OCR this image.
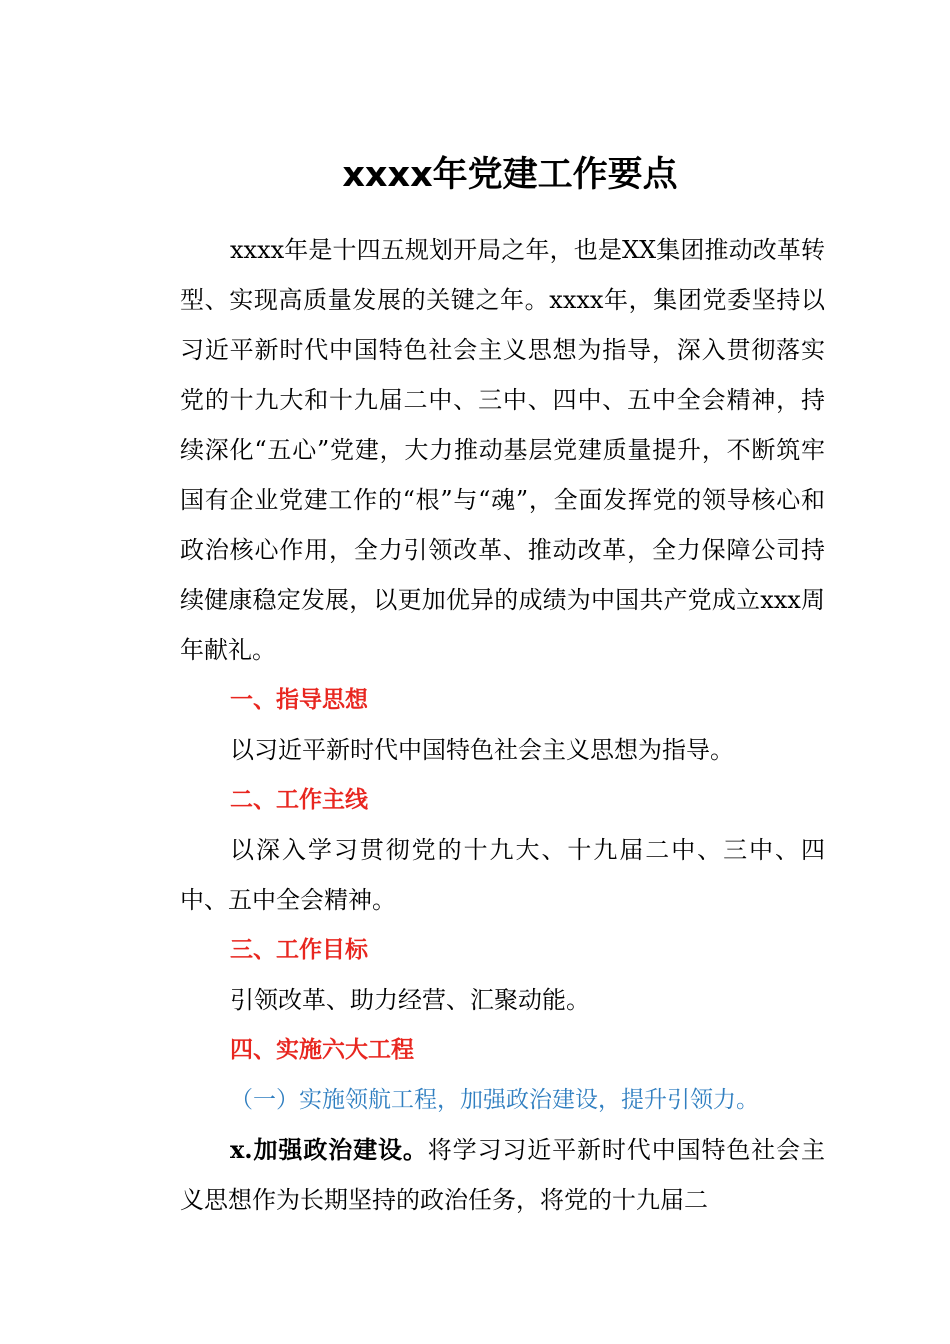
xxxx年党建工作要点

xxxx年是十四五规划开局之年，也是XX集团推动改革转型、实现高质量发展的关键之年。xxxx年，集团党委坚持以习近平新时代中国特色社会主义思想为指导，深入贯彻落实党的十九大和十九届二中、三中、四中、五中全会精神，持续深化“五心”党建，大力推动基层党建质量提升，不断筑牢国有企业党建工作的“根”与“魂”，全面发挥党的领导核心和政治核心作用，全力引领改革、推动改革，全力保障公司持续健康稳定发展，以更加优异的成绩为中国共产党成立xxx周年献礼。

一、指导思想

以习近平新时代中国特色社会主义思想为指导。

二、工作主线

以深入学习贯彻党的十九大、十九届二中、三中、四中、五中全会精神。

三、工作目标

引领改革、助力经营、汇聚动能。

四、实施六大工程

（一）实施领航工程，加强政治建设，提升引领力。

x.加强政治建设。将学习习近平新时代中国特色社会主义思想作为长期坚持的政治任务，将党的十九届二
